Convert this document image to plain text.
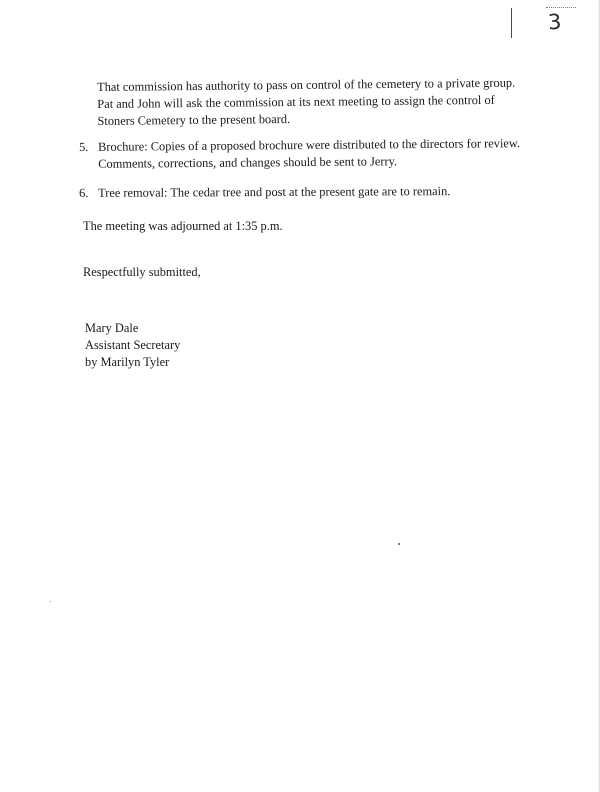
3
That commission has authority to pass on control of the cemetery to a private group.
Pat and John will ask the commission at its next meeting to assign the control of
Stoners Cemetery to the present board.
5. Brochure: Copies of a proposed brochure were distributed to the directors for review.
Comments, corrections, and changes should be sent to Jerry.
6. Tree removal: The cedar tree and post at the present gate are to remain.
The meeting was adjourned at 1:35 p.m.
Respectfully submitted,
Mary Dale
Assistant Secretary
by Marilyn Tyler
